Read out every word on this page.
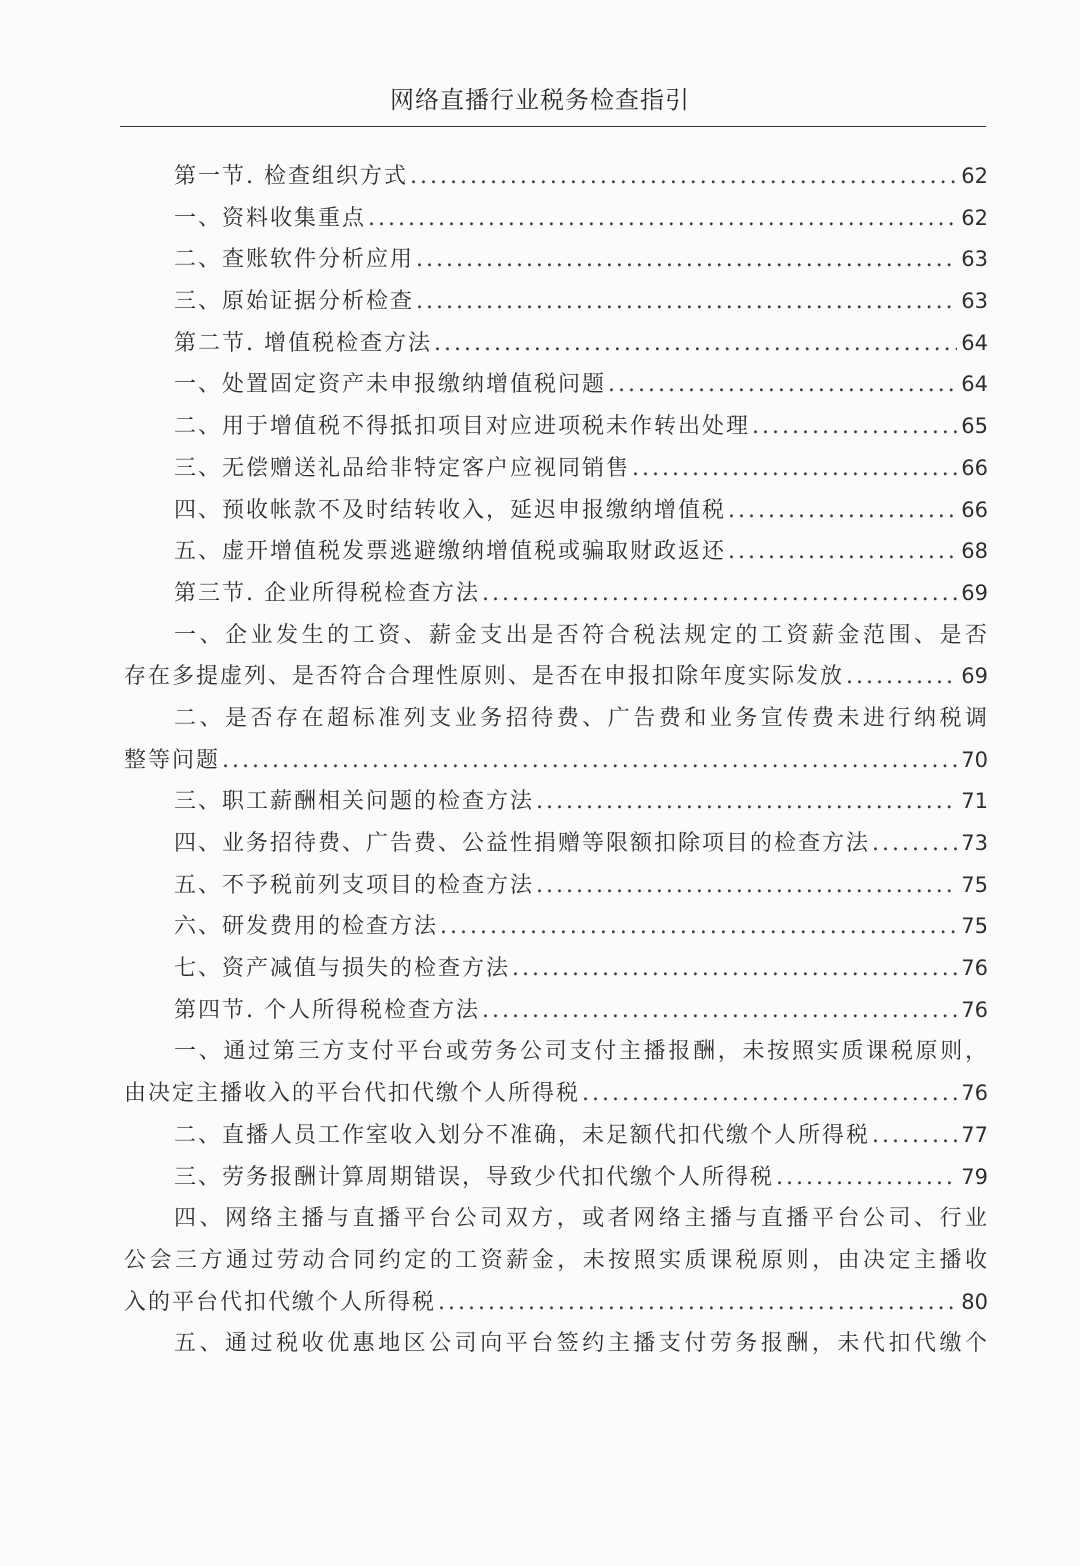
网络直播行业税务检查指引
第一节. 检查组织方式 .....	62
一、资料收集重点 .....	62
二、查账软件分析应用 .....	63
三、原始证据分析检查 .....	63
第二节. 增值税检查方法 .....	64
一、处置固定资产未申报缴纳增值税问题 .....	64
二、用于增值税不得抵扣项目对应进项税未作转出处理 .....	65
三、无偿赠送礼品给非特定客户应视同销售 .....	66
四、预收帐款不及时结转收入，延迟申报缴纳增值税 .....	66
五、虚开增值税发票逃避缴纳增值税或骗取财政返还 .....	68
第三节. 企业所得税检查方法 .....	69
一、企业发生的工资、薪金支出是否符合税法规定的工资薪金范围、是否
存在多提虚列、是否符合合理性原则、是否在申报扣除年度实际发放 .....	69
二、是否存在超标准列支业务招待费、广告费和业务宣传费未进行纳税调
整等问题 .....	70
三、职工薪酬相关问题的检查方法 .....	71
四、业务招待费、广告费、公益性捐赠等限额扣除项目的检查方法 .....	73
五、不予税前列支项目的检查方法 .....	75
六、研发费用的检查方法 .....	75
七、资产减值与损失的检查方法 .....	76
第四节. 个人所得税检查方法 .....	76
一、通过第三方支付平台或劳务公司支付主播报酬，未按照实质课税原则，
由决定主播收入的平台代扣代缴个人所得税 .....	76
二、直播人员工作室收入划分不准确，未足额代扣代缴个人所得税 .....	77
三、劳务报酬计算周期错误，导致少代扣代缴个人所得税 .....	79
四、网络主播与直播平台公司双方，或者网络主播与直播平台公司、行业
公会三方通过劳动合同约定的工资薪金，未按照实质课税原则，由决定主播收
入的平台代扣代缴个人所得税 .....	80
五、通过税收优惠地区公司向平台签约主播支付劳务报酬，未代扣代缴个
